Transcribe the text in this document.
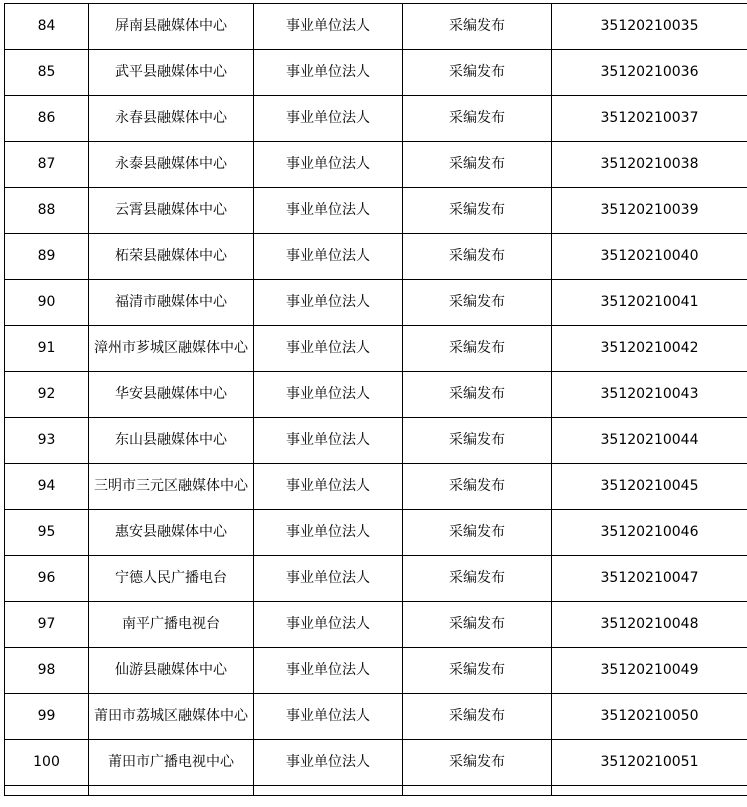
84	屏南县融媒体中心	事业单位法人	采编发布	35120210035
85	武平县融媒体中心	事业单位法人	采编发布	35120210036
86	永春县融媒体中心	事业单位法人	采编发布	35120210037
87	永泰县融媒体中心	事业单位法人	采编发布	35120210038
88	云霄县融媒体中心	事业单位法人	采编发布	35120210039
89	柘荣县融媒体中心	事业单位法人	采编发布	35120210040
90	福清市融媒体中心	事业单位法人	采编发布	35120210041
91	漳州市芗城区融媒体中心	事业单位法人	采编发布	35120210042
92	华安县融媒体中心	事业单位法人	采编发布	35120210043
93	东山县融媒体中心	事业单位法人	采编发布	35120210044
94	三明市三元区融媒体中心	事业单位法人	采编发布	35120210045
95	惠安县融媒体中心	事业单位法人	采编发布	35120210046
96	宁德人民广播电台	事业单位法人	采编发布	35120210047
97	南平广播电视台	事业单位法人	采编发布	35120210048
98	仙游县融媒体中心	事业单位法人	采编发布	35120210049
99	莆田市荔城区融媒体中心	事业单位法人	采编发布	35120210050
100	莆田市广播电视中心	事业单位法人	采编发布	35120210051
